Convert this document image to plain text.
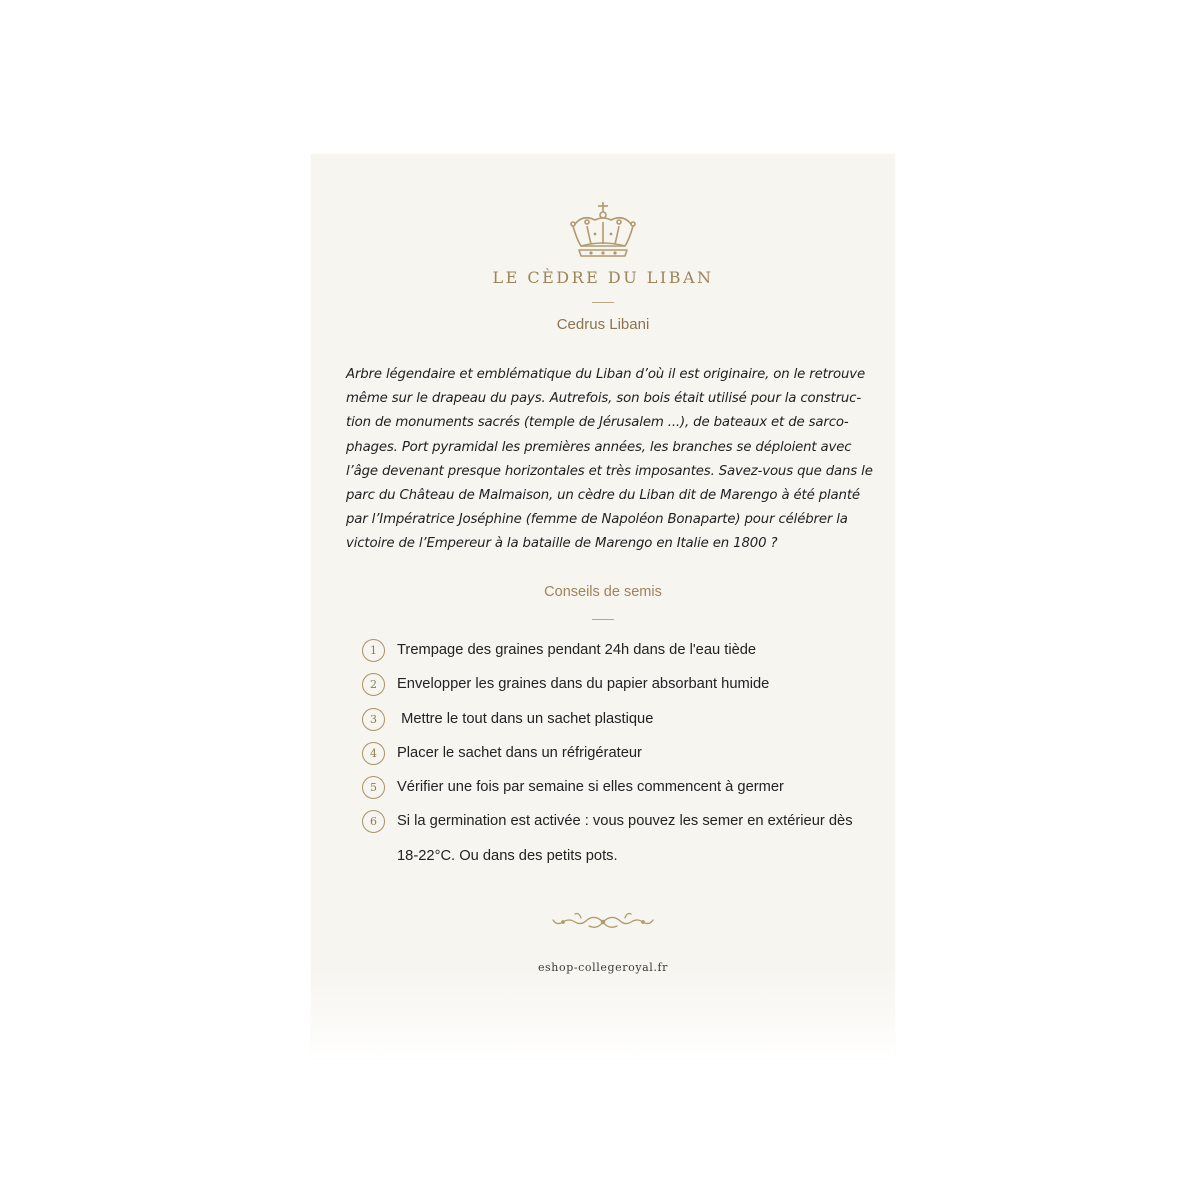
LE CÈDRE DU LIBAN
Cedrus Libani

Arbre légendaire et emblématique du Liban d’où il est originaire, on le retrouve
même sur le drapeau du pays. Autrefois, son bois était utilisé pour la construc-
tion de monuments sacrés (temple de Jérusalem ...), de bateaux et de sarco-
phages. Port pyramidal les premières années, les branches se déploient avec
l’âge devenant presque horizontales et très imposantes. Savez-vous que dans le
parc du Château de Malmaison, un cèdre du Liban dit de Marengo à été planté
par l’Impératrice Joséphine (femme de Napoléon Bonaparte) pour célébrer la
victoire de l’Empereur à la bataille de Marengo en Italie en 1800 ?

Conseils de semis
1	Trempage des graines pendant 24h dans de l'eau tiède
2	Envelopper les graines dans du papier absorbant humide
3	Mettre le tout dans un sachet plastique
4	Placer le sachet dans un réfrigérateur
5	Vérifier une fois par semaine si elles commencent à germer
6	Si la germination est activée : vous pouvez les semer en extérieur dès
18-22°C. Ou dans des petits pots.
eshop-collegeroyal.fr
